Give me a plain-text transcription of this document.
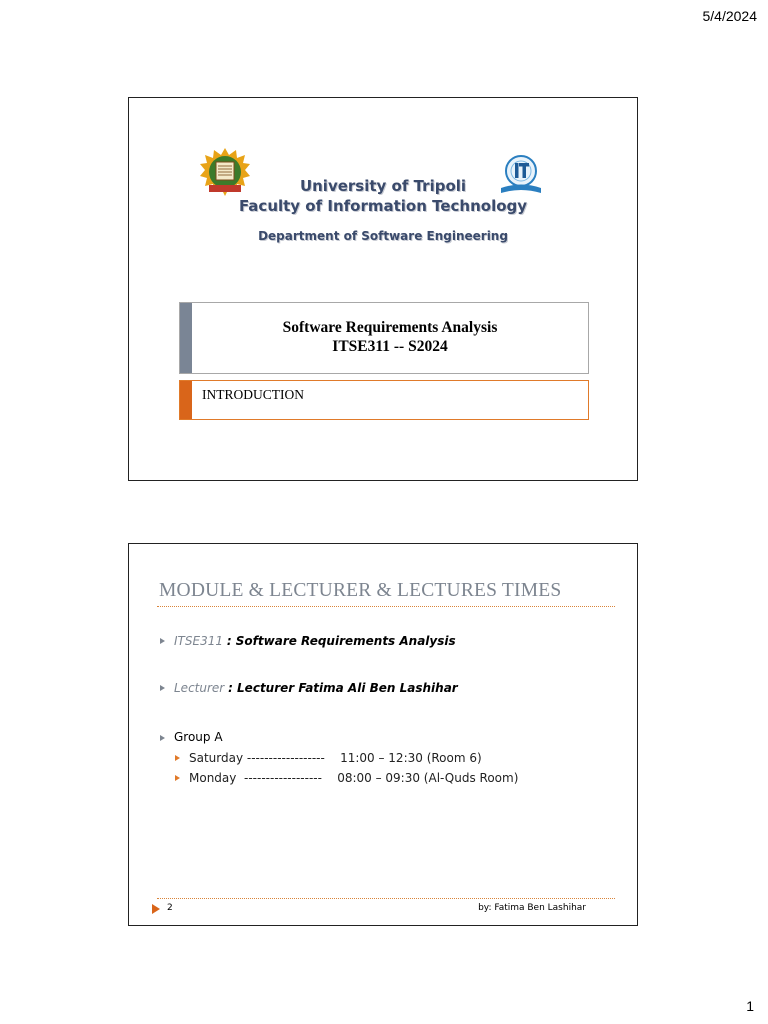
5/4/2024
University of Tripoli
Faculty of Information Technology
Department of Software Engineering
Software Requirements Analysis
ITSE311 -- S2024
INTRODUCTION
MODULE & LECTURER & LECTURES TIMES
ITSE311 : Software Requirements Analysis
Lecturer : Lecturer Fatima Ali Ben Lashihar
Group A
Saturday ------------------    11:00 – 12:30 (Room 6)
Monday  ------------------    08:00 – 09:30 (Al-Quds Room)
2	by: Fatima Ben Lashihar
1
